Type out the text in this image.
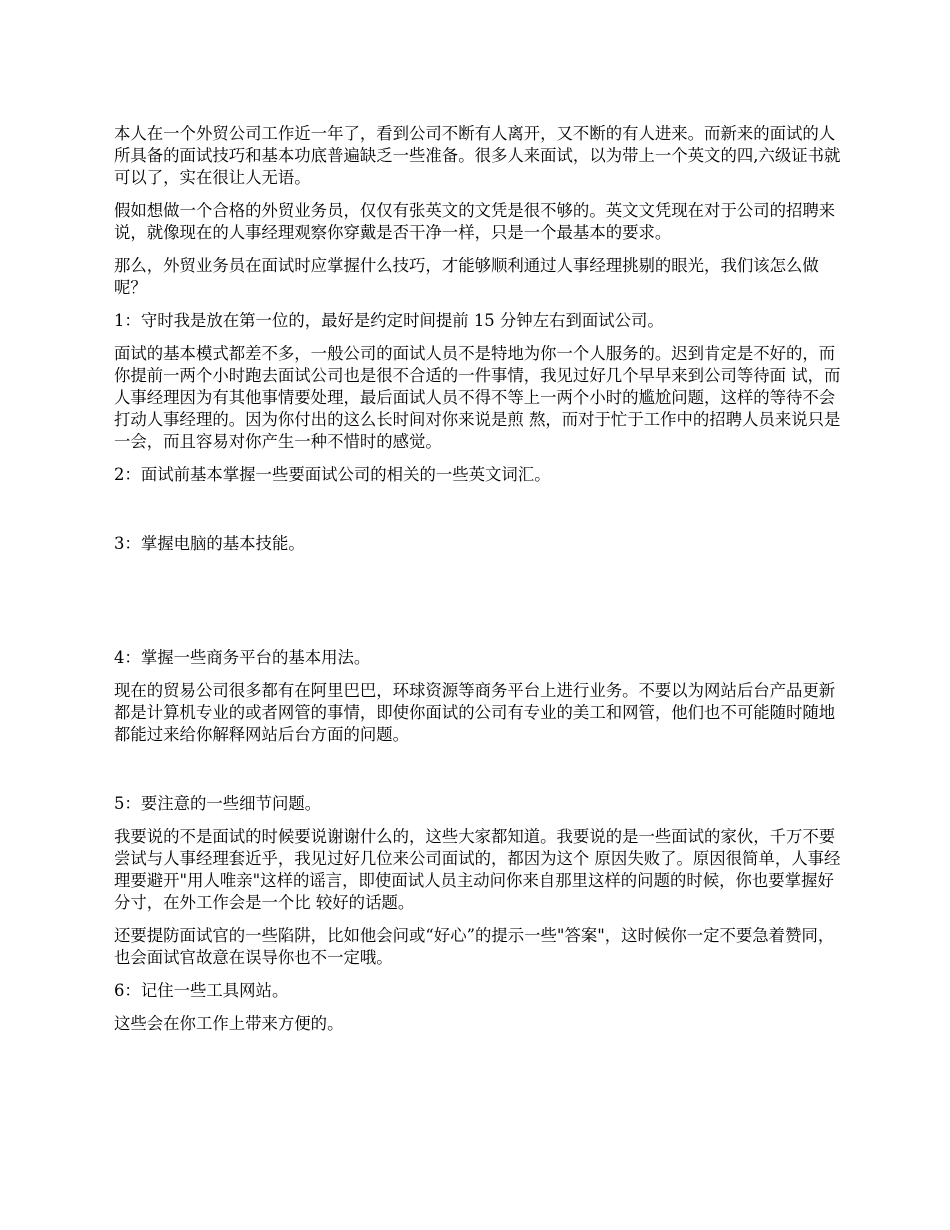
本人在一个外贸公司工作近一年了，看到公司不断有人离开，又不断的有人进来。而新来的面试的人所具备的面试技巧和基本功底普遍缺乏一些准备。很多人来面试，以为带上一个英文的四,六级证书就可以了，实在很让人无语。

假如想做一个合格的外贸业务员，仅仅有张英文的文凭是很不够的。英文文凭现在对于公司的招聘来说，就像现在的人事经理观察你穿戴是否干净一样，只是一个最基本的要求。

那么，外贸业务员在面试时应掌握什么技巧，才能够顺利通过人事经理挑剔的眼光，我们该怎么做呢？

1：守时我是放在第一位的，最好是约定时间提前 15 分钟左右到面试公司。

面试的基本模式都差不多，一般公司的面试人员不是特地为你一个人服务的。迟到肯定是不好的，而你提前一两个小时跑去面试公司也是很不合适的一件事情，我见过好几个早早来到公司等待面 试，而人事经理因为有其他事情要处理，最后面试人员不得不等上一两个小时的尴尬问题，这样的等待不会打动人事经理的。因为你付出的这么长时间对你来说是煎 熬，而对于忙于工作中的招聘人员来说只是一会，而且容易对你产生一种不惜时的感觉。

2：面试前基本掌握一些要面试公司的相关的一些英文词汇。

3：掌握电脑的基本技能。

4：掌握一些商务平台的基本用法。

现在的贸易公司很多都有在阿里巴巴，环球资源等商务平台上进行业务。不要以为网站后台产品更新都是计算机专业的或者网管的事情，即使你面试的公司有专业的美工和网管，他们也不可能随时随地都能过来给你解释网站后台方面的问题。

5：要注意的一些细节问题。

我要说的不是面试的时候要说谢谢什么的，这些大家都知道。我要说的是一些面试的家伙，千万不要尝试与人事经理套近乎，我见过好几位来公司面试的，都因为这个 原因失败了。原因很简单，人事经理要避开"用人唯亲"这样的谣言，即使面试人员主动问你来自那里这样的问题的时候，你也要掌握好分寸，在外工作会是一个比 较好的话题。

还要提防面试官的一些陷阱，比如他会问或“好心”的提示一些"答案"，这时候你一定不要急着赞同，也会面试官故意在误导你也不一定哦。

6：记住一些工具网站。

这些会在你工作上带来方便的。
